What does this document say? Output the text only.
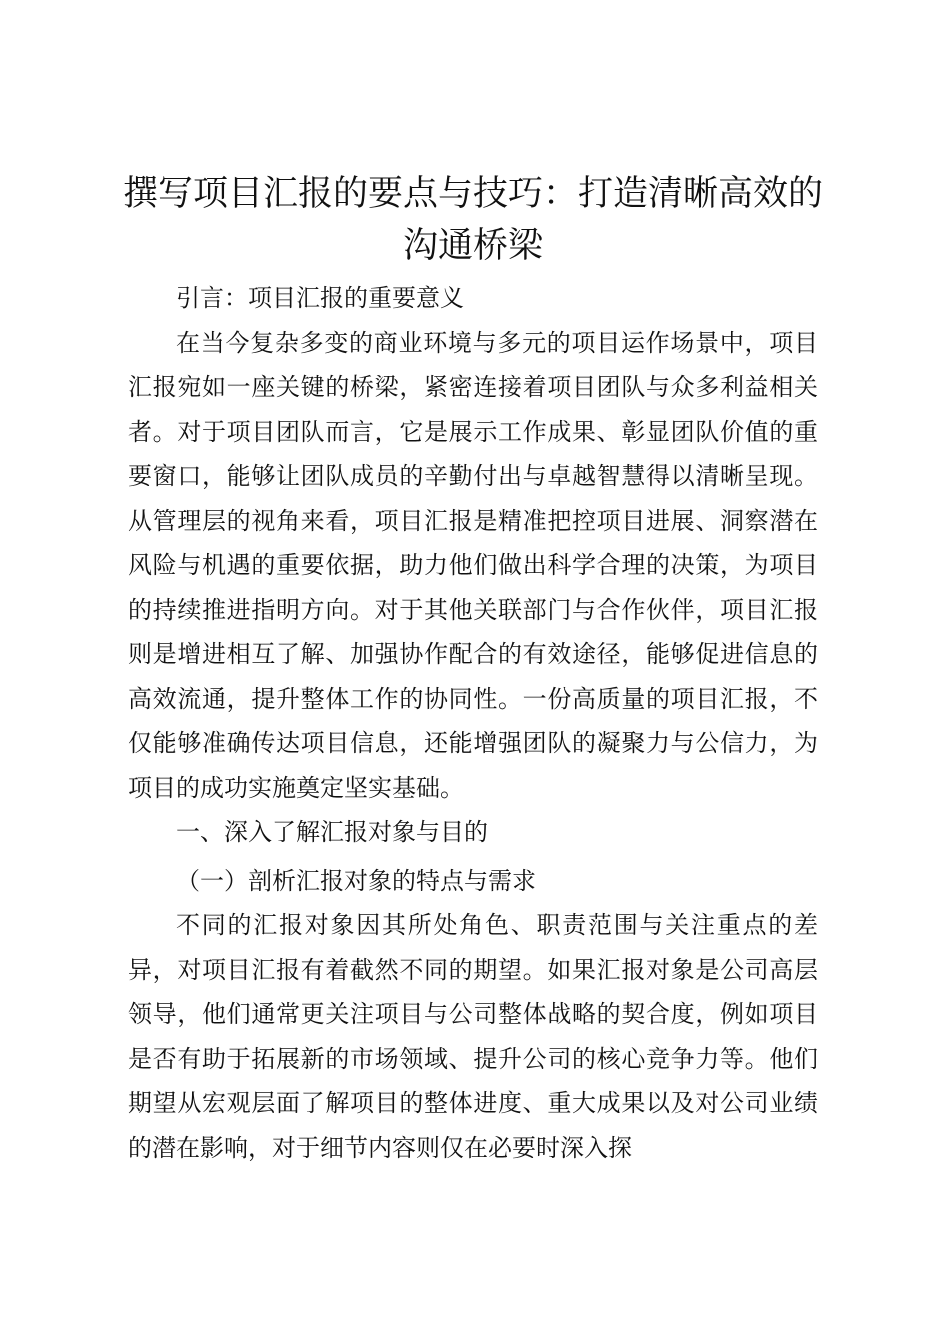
撰写项目汇报的要点与技巧：打造清晰高效的沟通桥梁

引言：项目汇报的重要意义

在当今复杂多变的商业环境与多元的项目运作场景中，项目汇报宛如一座关键的桥梁，紧密连接着项目团队与众多利益相关者。对于项目团队而言，它是展示工作成果、彰显团队价值的重要窗口，能够让团队成员的辛勤付出与卓越智慧得以清晰呈现。从管理层的视角来看，项目汇报是精准把控项目进展、洞察潜在风险与机遇的重要依据，助力他们做出科学合理的决策，为项目的持续推进指明方向。对于其他关联部门与合作伙伴，项目汇报则是增进相互了解、加强协作配合的有效途径，能够促进信息的高效流通，提升整体工作的协同性。一份高质量的项目汇报，不仅能够准确传达项目信息，还能增强团队的凝聚力与公信力，为项目的成功实施奠定坚实基础。

一、深入了解汇报对象与目的

（一）剖析汇报对象的特点与需求

不同的汇报对象因其所处角色、职责范围与关注重点的差异，对项目汇报有着截然不同的期望。如果汇报对象是公司高层领导，他们通常更关注项目与公司整体战略的契合度，例如项目是否有助于拓展新的市场领域、提升公司的核心竞争力等。他们期望从宏观层面了解项目的整体进度、重大成果以及对公司业绩的潜在影响，对于细节内容则仅在必要时深入探
